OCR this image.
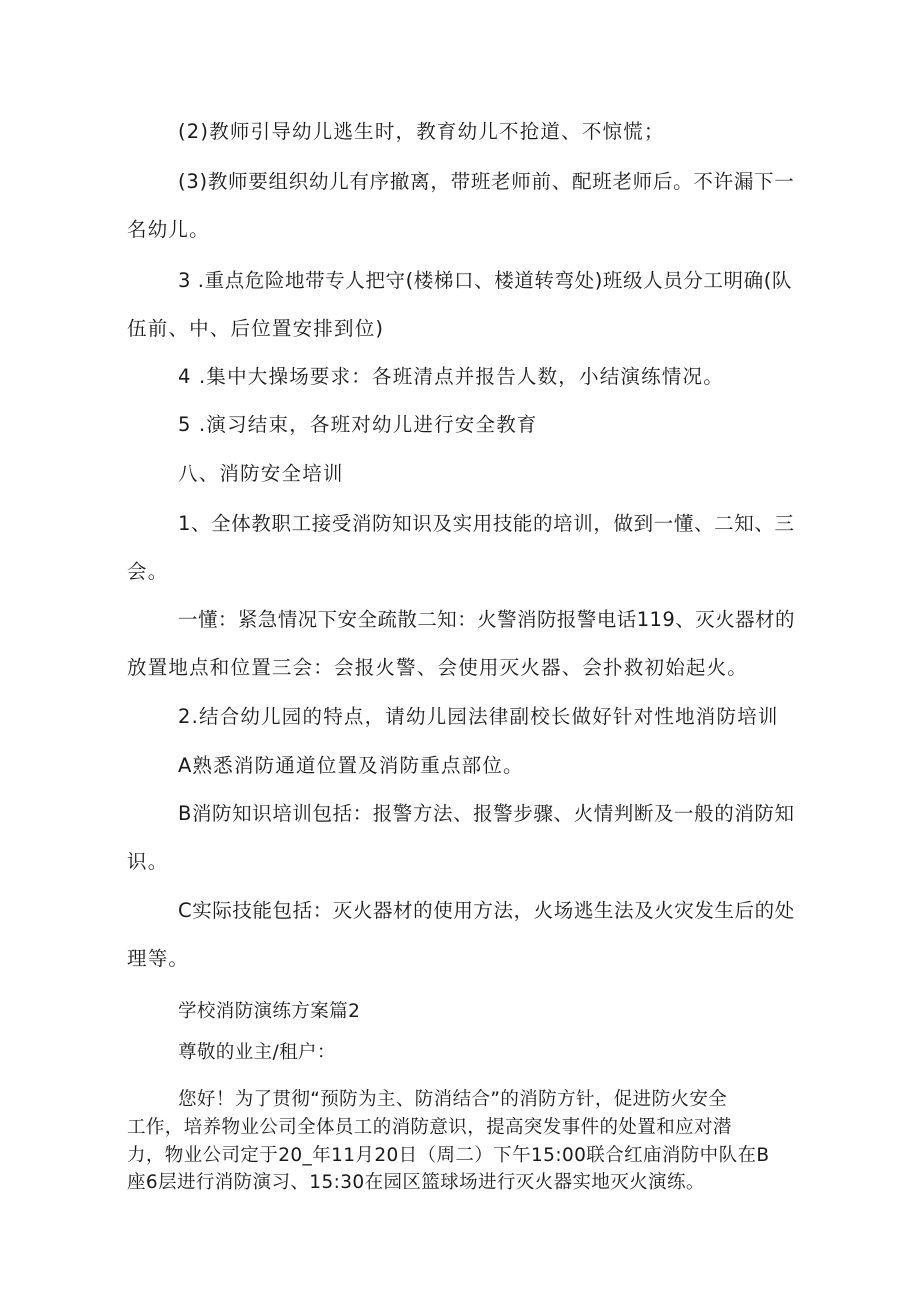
(2)教师引导幼儿逃生时，教育幼儿不抢道、不惊慌；
(3)教师要组织幼儿有序撤离，带班老师前、配班老师后。不许漏下一
名幼儿。
3 .重点危险地带专人把守(楼梯口、楼道转弯处)班级人员分工明确(队
伍前、中、后位置安排到位)
4 .集中大操场要求：各班清点并报告人数，小结演练情况。
5 .演习结束，各班对幼儿进行安全教育
八、消防安全培训
1、全体教职工接受消防知识及实用技能的培训，做到一懂、二知、三
会。
一懂：紧急情况下安全疏散二知：火警消防报警电话119、灭火器材的
放置地点和位置三会：会报火警、会使用灭火器、会扑救初始起火。
2.结合幼儿园的特点，请幼儿园法律副校长做好针对性地消防培训
A熟悉消防通道位置及消防重点部位。
B消防知识培训包括：报警方法、报警步骤、火情判断及一般的消防知
识。
C实际技能包括：灭火器材的使用方法，火场逃生法及火灾发生后的处
理等。
学校消防演练方案篇2
尊敬的业主/租户：
您好！为了贯彻“预防为主、防消结合”的消防方针，促进防火安全
工作，培养物业公司全体员工的消防意识，提高突发事件的处置和应对潜
力，物业公司定于20_年11月20日（周二）下午15:00联合红庙消防中队在B
座6层进行消防演习、15:30在园区篮球场进行灭火器实地灭火演练。
